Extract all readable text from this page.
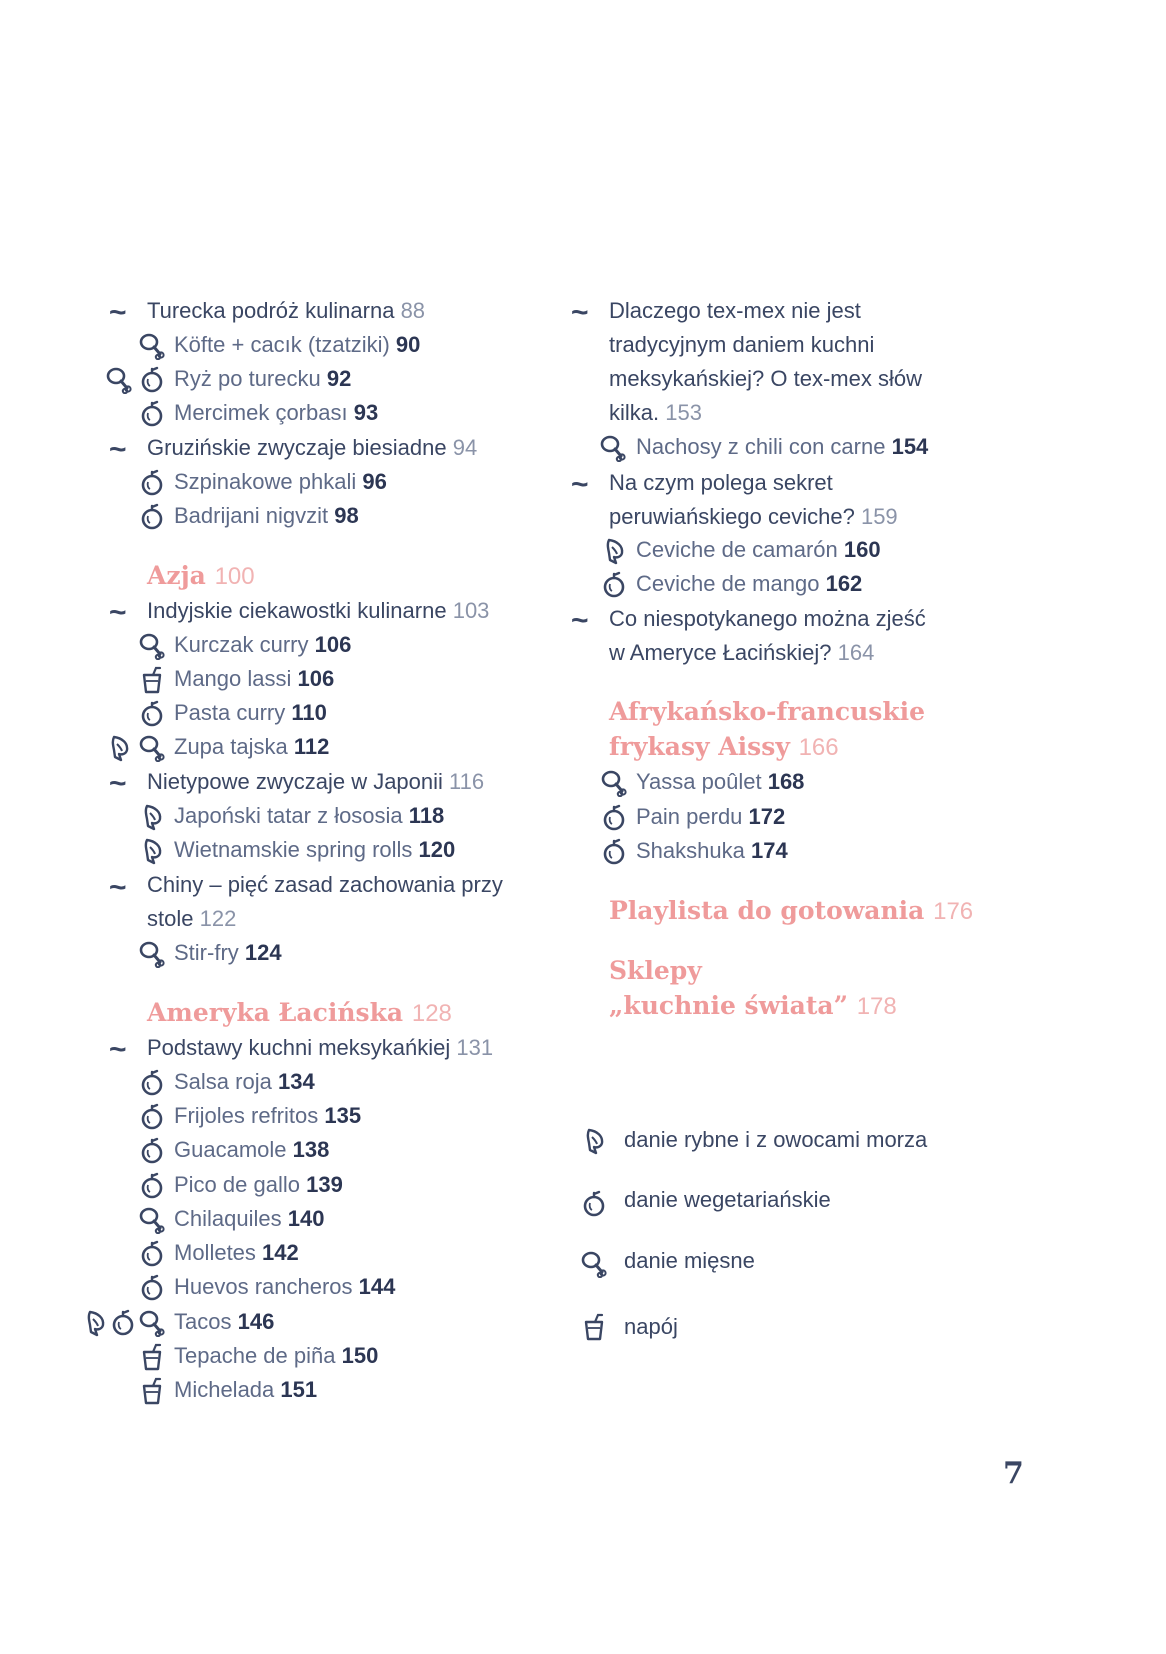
~ Turecka podróż kulinarna 88
Köfte + cacık (tzatziki) 90
Ryż po turecku 92
Mercimek çorbası 93
~ Gruzińskie zwyczaje biesiadne 94
Szpinakowe phkali 96
Badrijani nigvzit 98
Azja 100
~ Indyjskie ciekawostki kulinarne 103
Kurczak curry 106
Mango lassi 106
Pasta curry 110
Zupa tajska 112
~ Nietypowe zwyczaje w Japonii 116
Japoński tatar z łososia 118
Wietnamskie spring rolls 120
~ Chiny – pięć zasad zachowania przy
stole 122
Stir-fry 124
Ameryka Łacińska 128
~ Podstawy kuchni meksykańkiej 131
Salsa roja 134
Frijoles refritos 135
Guacamole 138
Pico de gallo 139
Chilaquiles 140
Molletes 142
Huevos rancheros 144
Tacos 146
Tepache de piña 150
Michelada 151
~ Dlaczego tex-mex nie jest
tradycyjnym daniem kuchni
meksykańskiej? O tex-mex słów
kilka. 153
Nachosy z chili con carne 154
~ Na czym polega sekret
peruwiańskiego ceviche? 159
Ceviche de camarón 160
Ceviche de mango 162
~ Co niespotykanego można zjeść
w Ameryce Łacińskiej? 164
Afrykańsko-francuskie
frykasy Aissy 166
Yassa poûlet 168
Pain perdu 172
Shakshuka 174
Playlista do gotowania 176
Sklepy
„kuchnie świata” 178
danie rybne i z owocami morza
danie wegetariańskie
danie mięsne
napój
7
